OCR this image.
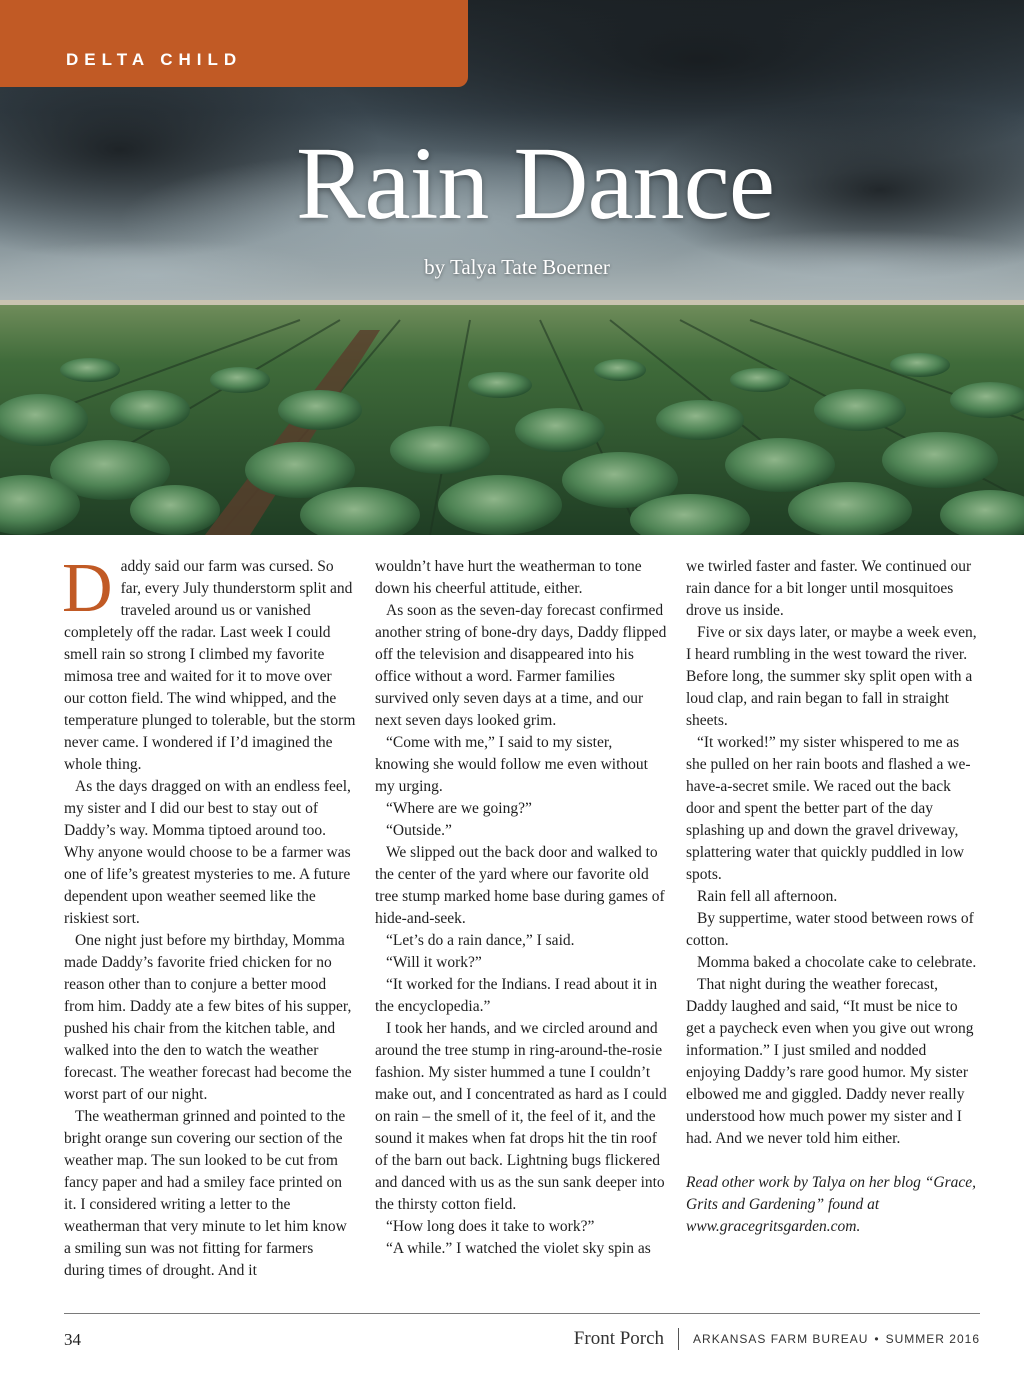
DELTA CHILD
Rain Dance
by Talya Tate Boerner

Daddy said our farm was cursed. So far, every July thunderstorm split and traveled around us or vanished completely off the radar. Last week I could smell rain so strong I climbed my favorite mimosa tree and waited for it to move over our cotton field. The wind whipped, and the temperature plunged to tolerable, but the storm never came. I wondered if I’d imagined the whole thing.

As the days dragged on with an endless feel, my sister and I did our best to stay out of Daddy’s way. Momma tiptoed around too. Why anyone would choose to be a farmer was one of life’s greatest mysteries to me. A future dependent upon weather seemed like the riskiest sort.

One night just before my birthday, Momma made Daddy’s favorite fried chicken for no reason other than to conjure a better mood from him. Daddy ate a few bites of his supper, pushed his chair from the kitchen table, and walked into the den to watch the weather forecast. The weather forecast had become the worst part of our night.

The weatherman grinned and pointed to the bright orange sun covering our section of the weather map. The sun looked to be cut from fancy paper and had a smiley face printed on it. I considered writing a letter to the weatherman that very minute to let him know a smiling sun was not fitting for farmers during times of drought. And it

wouldn’t have hurt the weatherman to tone down his cheerful attitude, either.

As soon as the seven-day forecast confirmed another string of bone-dry days, Daddy flipped off the television and disappeared into his office without a word. Farmer families survived only seven days at a time, and our next seven days looked grim.

“Come with me,” I said to my sister, knowing she would follow me even without my urging.

“Where are we going?”

“Outside.”

We slipped out the back door and walked to the center of the yard where our favorite old tree stump marked home base during games of hide-and-seek.

“Let’s do a rain dance,” I said.

“Will it work?”

“It worked for the Indians. I read about it in the encyclopedia.”

I took her hands, and we circled around and around the tree stump in ring-around-the-rosie fashion. My sister hummed a tune I couldn’t make out, and I concentrated as hard as I could on rain – the smell of it, the feel of it, and the sound it makes when fat drops hit the tin roof of the barn out back. Lightning bugs flickered and danced with us as the sun sank deeper into the thirsty cotton field.

“How long does it take to work?”

“A while.” I watched the violet sky spin as

we twirled faster and faster. We continued our rain dance for a bit longer until mosquitoes drove us inside.

Five or six days later, or maybe a week even, I heard rumbling in the west toward the river. Before long, the summer sky split open with a loud clap, and rain began to fall in straight sheets.

“It worked!” my sister whispered to me as she pulled on her rain boots and flashed a we-have-a-secret smile. We raced out the back door and spent the better part of the day splashing up and down the gravel driveway, splattering water that quickly puddled in low spots.

Rain fell all afternoon.

By suppertime, water stood between rows of cotton.

Momma baked a chocolate cake to celebrate.

That night during the weather forecast, Daddy laughed and said, “It must be nice to get a paycheck even when you give out wrong information.” I just smiled and nodded enjoying Daddy’s rare good humor. My sister elbowed me and giggled. Daddy never really understood how much power my sister and I had. And we never told him either.

Read other work by Talya on her blog “Grace, Grits and Gardening” found at www.gracegritsgarden.com.

34	Front Porch ARKANSAS FARM BUREAU • SUMMER 2016
